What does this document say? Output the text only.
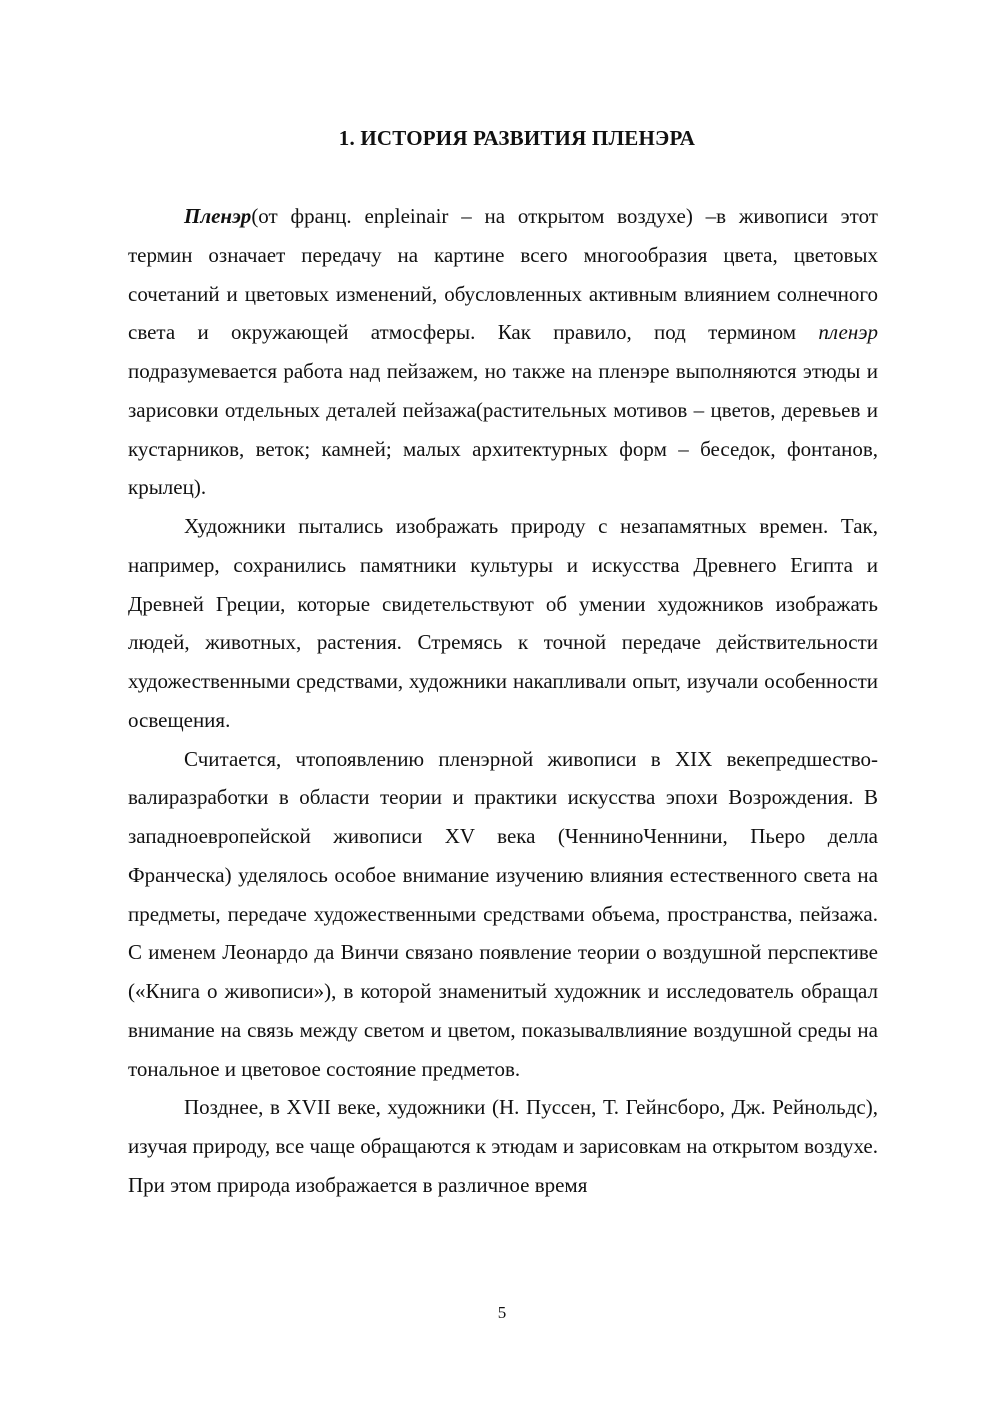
1. ИСТОРИЯ РАЗВИТИЯ ПЛЕНЭРА

Пленэр(от франц. enpleinair – на открытом воздухе) –в живописи этот термин означает передачу на картине всего многообразия цвета, цветовых сочетаний и цветовых изменений, обусловленных активным влиянием солнечного света и окружающей атмосферы. Как правило, под термином пленэр подразумевается работа над пейзажем, но также на пленэре выполняются этюды и зарисовки отдельных деталей пейзажа(растительных мотивов – цветов, деревьев и кустарников, веток; камней; малых архитектурных форм – беседок, фонтанов, крылец).

Художники пытались изображать природу с незапамятных времен. Так, например, сохранились памятники культуры и искусства Древнего Египта и Древней Греции, которые свидетельствуют об умении художников изображать людей, животных, растения. Стремясь к точной передаче действительности художественными средствами, художники накапливали опыт, изучали особенности освещения.

Считается, чтопоявлению пленэрной живописи в XIX векепредшествовалиразработки в области теории и практики искусства эпохи Возрождения. В западноевропейской живописи XV века (ЧенниноЧеннини, Пьеро делла Франческа) уделялось особое внимание изучению влияния естественного света на предметы, передаче художественными средствами объема, пространства, пейзажа. С именем Леонардо да Винчи связано появление теории о воздушной перспективе («Книга о живописи»), в которой знаменитый художник и исследователь обращал внимание на связь между светом и цветом, показывалвлияние воздушной среды на тональное и цветовое состояние предметов.

Позднее, в XVII веке, художники (Н. Пуссен, Т. Гейнсборо, Дж. Рейнольдс), изучая природу, все чаще обращаются к этюдам и зарисовкам на открытом воздухе. При этом природа изображается в различное время

5
